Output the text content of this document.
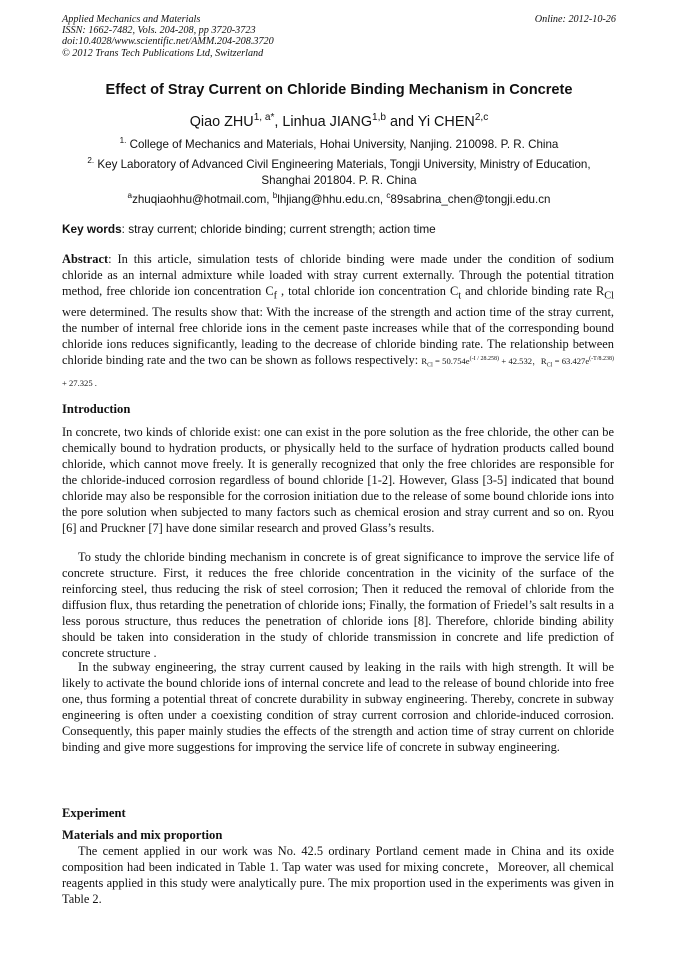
Applied Mechanics and Materials
ISSN: 1662-7482, Vols. 204-208, pp 3720-3723
doi:10.4028/www.scientific.net/AMM.204-208.3720
© 2012 Trans Tech Publications Ltd, Switzerland
Online: 2012-10-26
Effect of Stray Current on Chloride Binding Mechanism in Concrete
Qiao $ZHU^{1, a*}$, Linhua JIANG$^{1,b}$ and Yi CHEN$^{2,c}$
$^{1.}$ College of Mechanics and Materials, Hohai University, Nanjing. 210098. P. R. China
$^{2.}$ Key Laboratory of Advanced Civil Engineering Materials, Tongji University, Ministry of Education, Shanghai 201804. P. R. China
$^a$zhuqiaohhu@hotmail.com, $^b$lhjiang@hhu.edu.cn, $^c$89sabrina_chen@tongji.edu.cn
Key words: stray current; chloride binding; current strength; action time
Abstract: In this article, simulation tests of chloride binding were made under the condition of sodium chloride as an internal admixture while loaded with stray current externally. Through the potential titration method, free chloride ion concentration $C_f$ , total chloride ion concentration $C_t$ and chloride binding rate $R_{Cl}$ were determined. The results show that: With the increase of the strength and action time of the stray current, the number of internal free chloride ions in the cement paste increases while that of the corresponding bound chloride ions reduces significantly, leading to the decrease of chloride binding rate. The relationship between chloride binding rate and the two can be shown as follows respectively: $R_{Cl} = 50.754e^{(-I / 28.258)} + 42.532$，$R_{Cl} = 63.427e^{(-T/8.238)} + 27.325$ .
Introduction
In concrete, two kinds of chloride exist: one can exist in the pore solution as the free chloride, the other can be chemically bound to hydration products, or physically held to the surface of hydration products called bound chloride, which cannot move freely. It is generally recognized that only the free chlorides are responsible for the chloride-induced corrosion regardless of bound chloride [1-2]. However, Glass [3-5] indicated that bound chloride may also be responsible for the corrosion initiation due to the release of some bound chloride ions into the pore solution when subjected to many factors such as chemical erosion and stray current and so on. Ryou [6] and Pruckner [7] have done similar research and proved Glass’s results.
To study the chloride binding mechanism in concrete is of great significance to improve the service life of concrete structure. First, it reduces the free chloride concentration in the vicinity of the surface of the reinforcing steel, thus reducing the risk of steel corrosion; Then it reduced the removal of chloride from the diffusion flux, thus retarding the penetration of chloride ions; Finally, the formation of Friedel’s salt results in a less porous structure, thus reduces the penetration of chloride ions [8]. Therefore, chloride binding ability should be taken into consideration in the study of chloride transmission in concrete and life prediction of concrete structure .
In the subway engineering, the stray current caused by leaking in the rails with high strength. It will be likely to activate the bound chloride ions of internal concrete and lead to the release of bound chloride into free one, thus forming a potential threat of concrete durability in subway engineering. Thereby, concrete in subway engineering is often under a coexisting condition of stray current corrosion and chloride-induced corrosion. Consequently, this paper mainly studies the effects of the strength and action time of stray current on chloride binding and give more suggestions for improving the service life of concrete in subway engineering.
Experiment
Materials and mix proportion
The cement applied in our work was No. 42.5 ordinary Portland cement made in China and its oxide composition had been indicated in Table 1. Tap water was used for mixing concrete，Moreover, all chemical reagents applied in this study were analytically pure. The mix proportion used in the experiments was given in Table 2.
